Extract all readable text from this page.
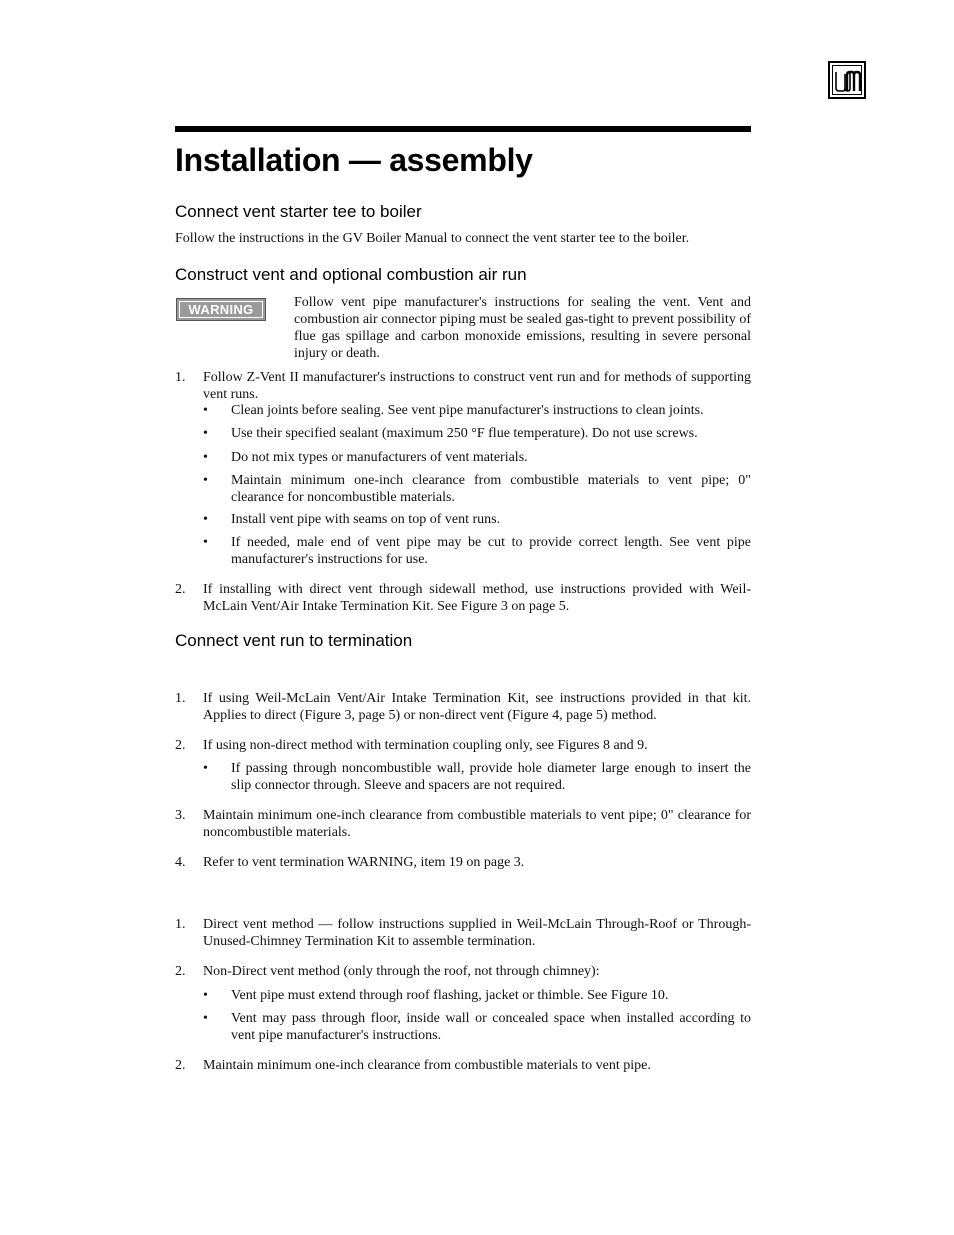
Installation — assembly
Connect vent starter tee to boiler

Follow the instructions in the GV Boiler Manual to connect the vent starter tee to the boiler.

Construct vent and optional combustion air run
WARNING	Follow vent pipe manufacturer's instructions for sealing the vent. Vent and combustion air connector piping must be sealed gas-tight to prevent possibility of flue gas spillage and carbon monoxide emissions, resulting in severe personal injury or death.

1. Follow Z-Vent II manufacturer's instructions to construct vent run and for methods of supporting vent runs.
• Clean joints before sealing. See vent pipe manufacturer's instructions to clean joints.
• Use their specified sealant (maximum 250 °F flue temperature). Do not use screws.
• Do not mix types or manufacturers of vent materials.
• Maintain minimum one-inch clearance from combustible materials to vent pipe; 0" clearance for noncombustible materials.
• Install vent pipe with seams on top of vent runs.
• If needed, male end of vent pipe may be cut to provide correct length. See vent pipe manufacturer's instructions for use.
2. If installing with direct vent through sidewall method, use instructions provided with Weil-McLain Vent/Air Intake Termination Kit. See Figure 3 on page 5.
Connect vent run to termination
1. If using Weil-McLain Vent/Air Intake Termination Kit, see instructions provided in that kit. Applies to direct (Figure 3, page 5) or non-direct vent (Figure 4, page 5) method.
2. If using non-direct method with termination coupling only, see Figures 8 and 9.
• If passing through noncombustible wall, provide hole diameter large enough to insert the slip connector through. Sleeve and spacers are not required.
3. Maintain minimum one-inch clearance from combustible materials to vent pipe; 0" clearance for noncombustible materials.
4. Refer to vent termination WARNING, item 19 on page 3.
1. Direct vent method — follow instructions supplied in Weil-McLain Through-Roof or Through-Unused-Chimney Termination Kit to assemble termination.
2. Non-Direct vent method (only through the roof, not through chimney):
• Vent pipe must extend through roof flashing, jacket or thimble. See Figure 10.
• Vent may pass through floor, inside wall or concealed space when installed according to vent pipe manufacturer's instructions.
2. Maintain minimum one-inch clearance from combustible materials to vent pipe.
